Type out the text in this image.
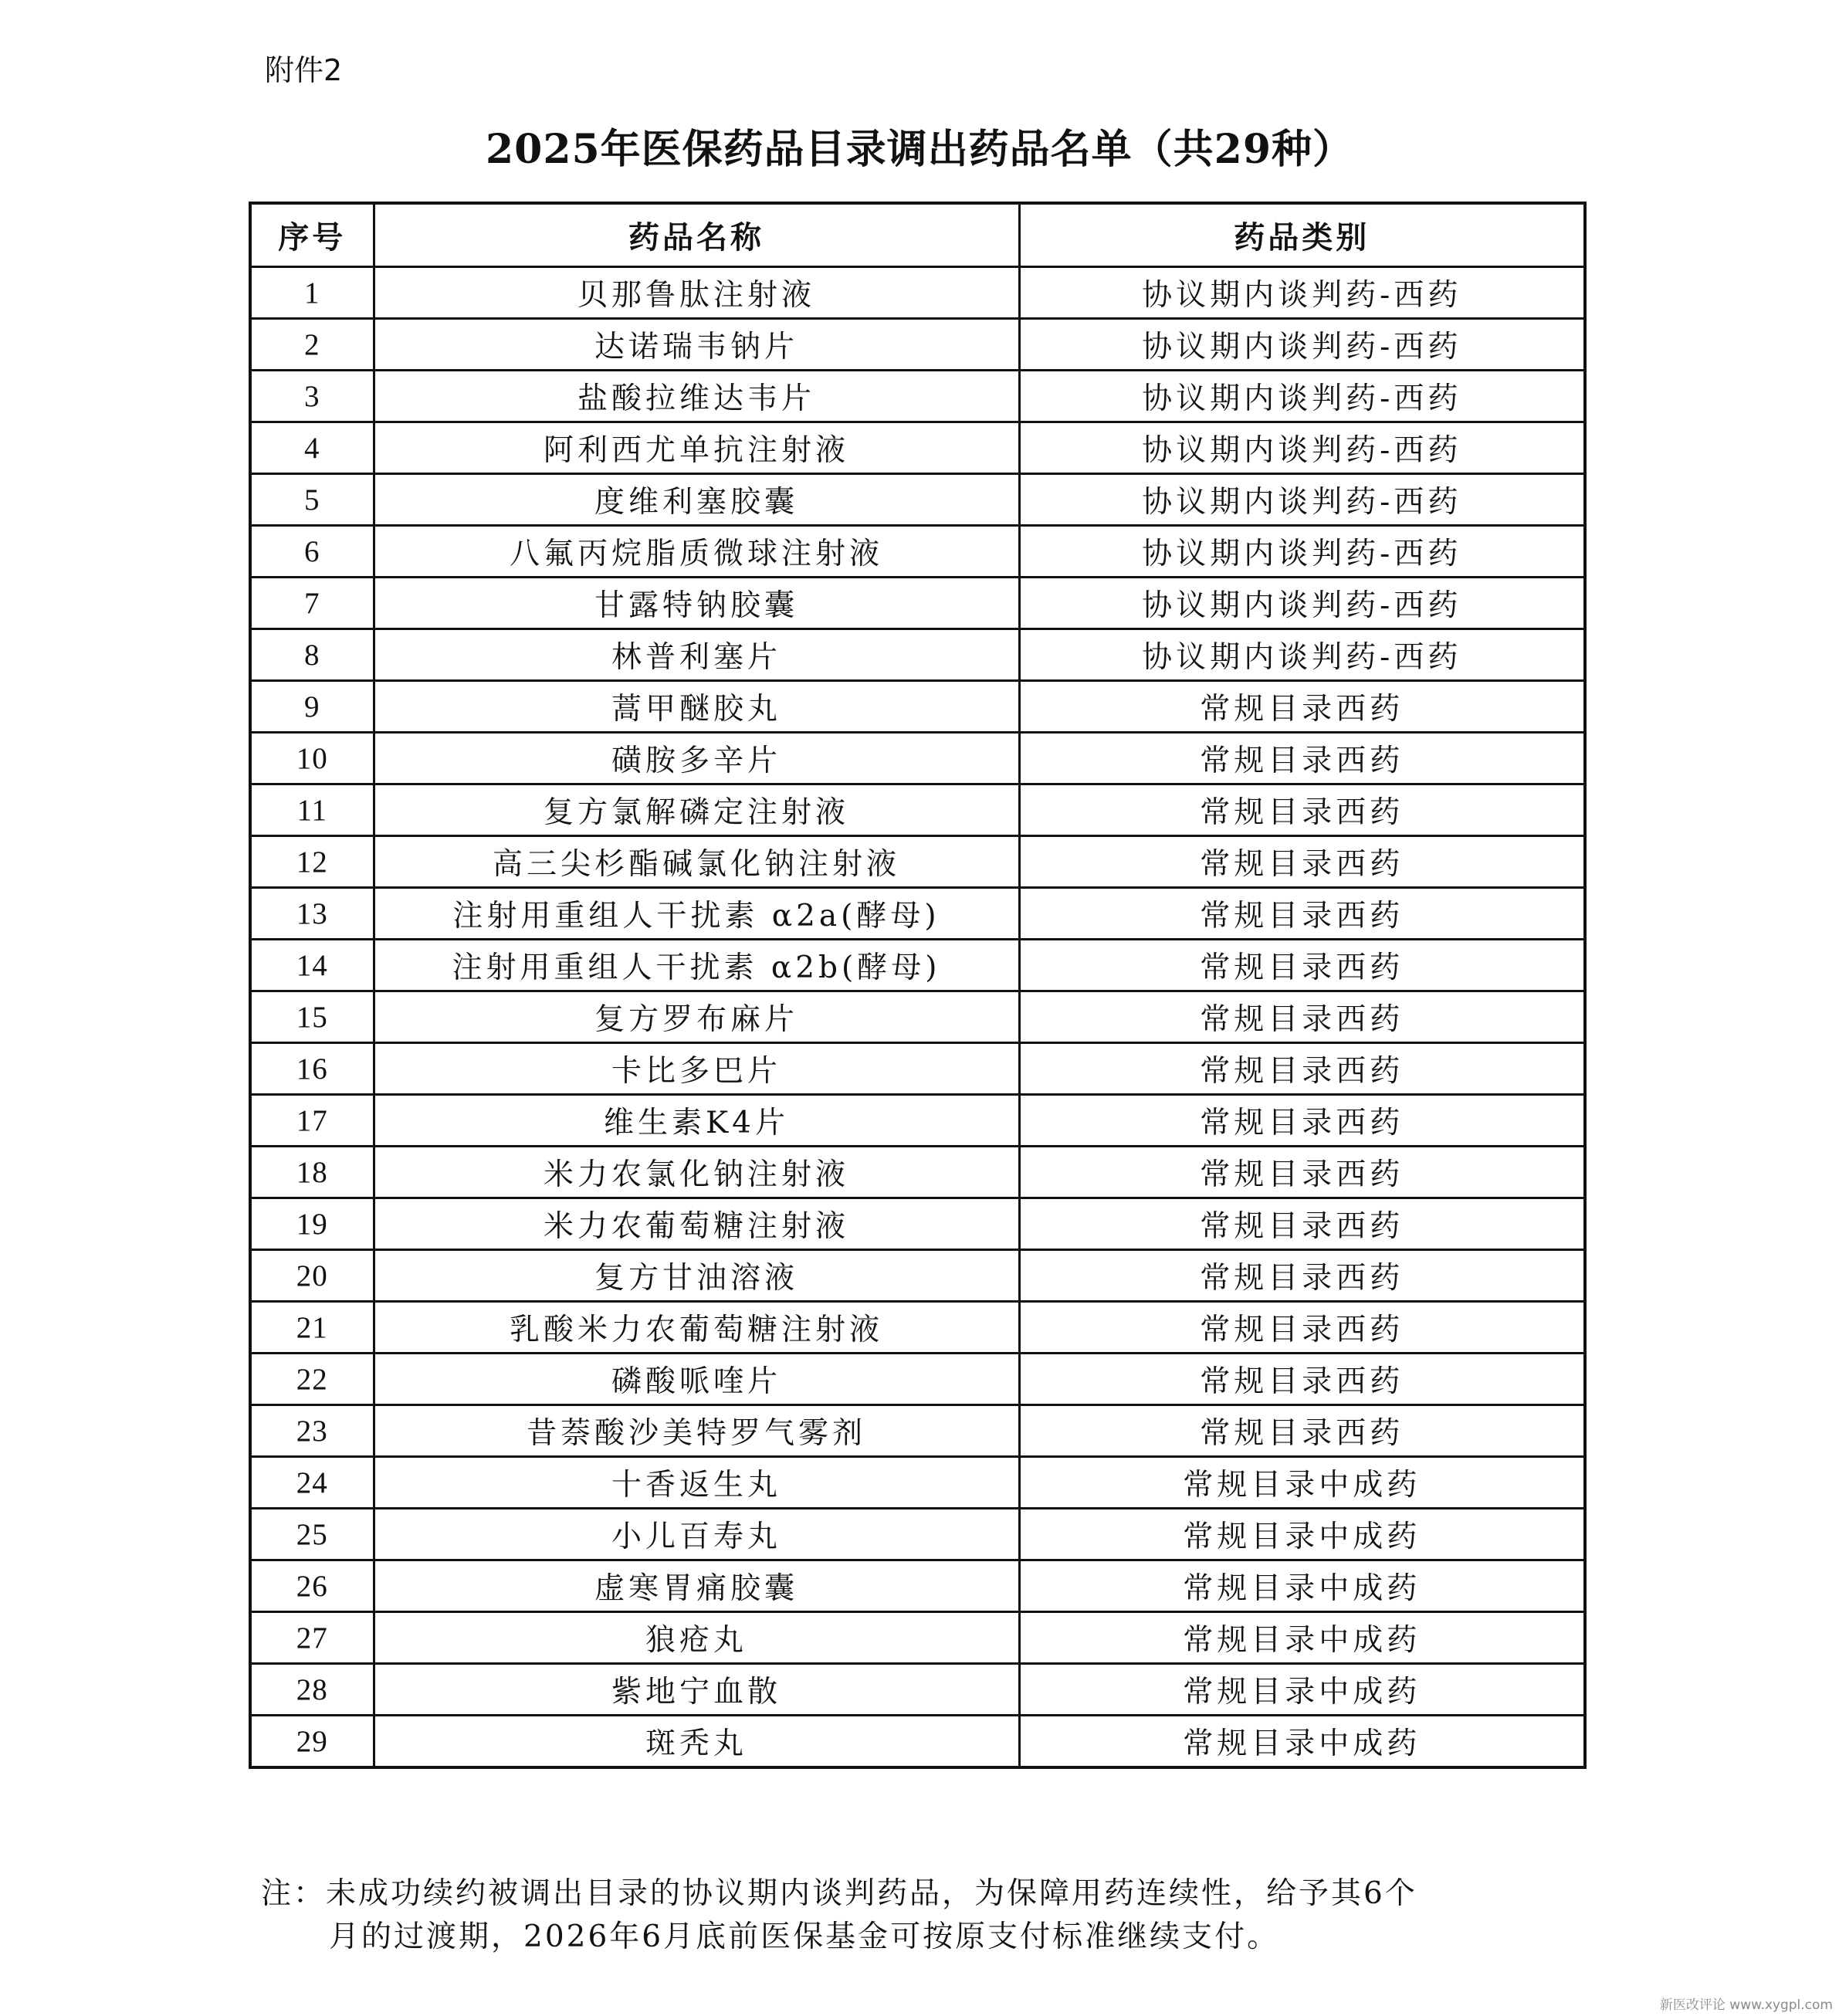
附件2
2025年医保药品目录调出药品名单（共29种）
序号	药品名称	药品类别
1	贝那鲁肽注射液	协议期内谈判药-西药
2	达诺瑞韦钠片	协议期内谈判药-西药
3	盐酸拉维达韦片	协议期内谈判药-西药
4	阿利西尤单抗注射液	协议期内谈判药-西药
5	度维利塞胶囊	协议期内谈判药-西药
6	八氟丙烷脂质微球注射液	协议期内谈判药-西药
7	甘露特钠胶囊	协议期内谈判药-西药
8	林普利塞片	协议期内谈判药-西药
9	蒿甲醚胶丸	常规目录西药
10	磺胺多辛片	常规目录西药
11	复方氯解磷定注射液	常规目录西药
12	高三尖杉酯碱氯化钠注射液	常规目录西药
13	注射用重组人干扰素 α2a(酵母)	常规目录西药
14	注射用重组人干扰素 α2b(酵母)	常规目录西药
15	复方罗布麻片	常规目录西药
16	卡比多巴片	常规目录西药
17	维生素K4片	常规目录西药
18	米力农氯化钠注射液	常规目录西药
19	米力农葡萄糖注射液	常规目录西药
20	复方甘油溶液	常规目录西药
21	乳酸米力农葡萄糖注射液	常规目录西药
22	磷酸哌喹片	常规目录西药
23	昔萘酸沙美特罗气雾剂	常规目录西药
24	十香返生丸	常规目录中成药
25	小儿百寿丸	常规目录中成药
26	虚寒胃痛胶囊	常规目录中成药
27	狼疮丸	常规目录中成药
28	紫地宁血散	常规目录中成药
29	斑秃丸	常规目录中成药
注：未成功续约被调出目录的协议期内谈判药品，为保障用药连续性，给予其6个
月的过渡期，2026年6月底前医保基金可按原支付标准继续支付。
新医改评论 www.xygpl.com
